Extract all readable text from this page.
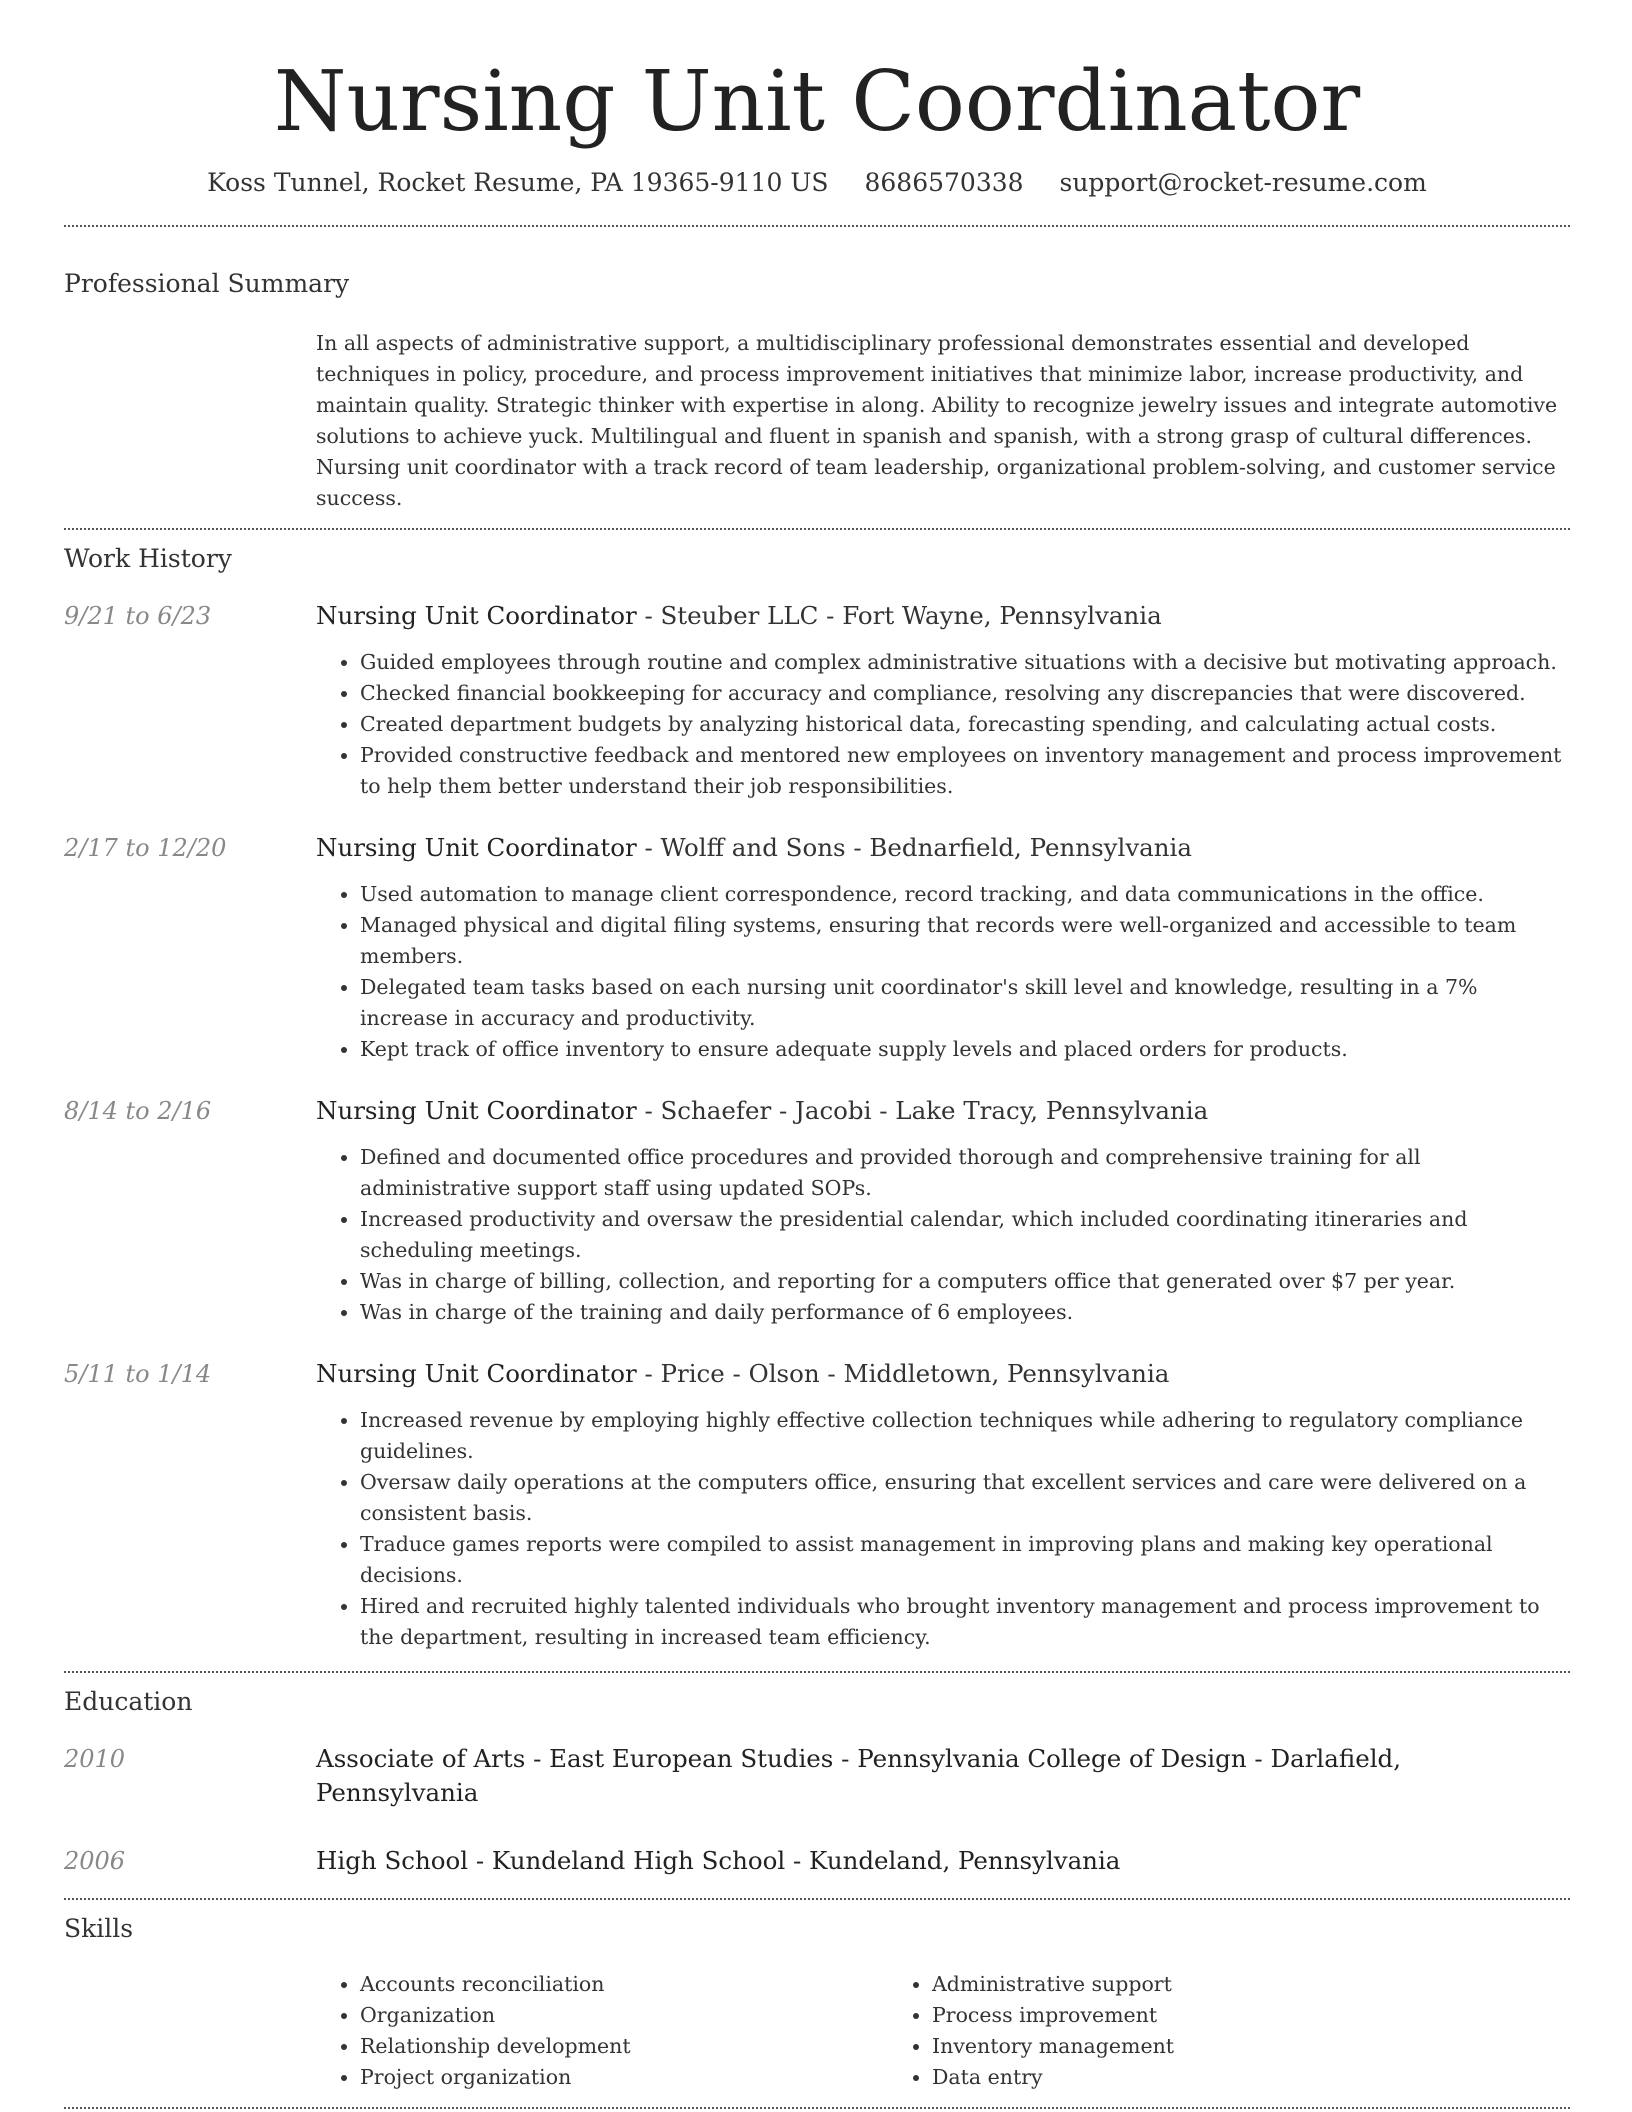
Nursing Unit Coordinator
Koss Tunnel, Rocket Resume, PA 19365-9110 US 8686570338 support@rocket-resume.com
Professional Summary

In all aspects of administrative support, a multidisciplinary professional demonstrates essential and developed techniques in policy, procedure, and process improvement initiatives that minimize labor, increase productivity, and maintain quality. Strategic thinker with expertise in along. Ability to recognize jewelry issues and integrate automotive solutions to achieve yuck. Multilingual and fluent in spanish and spanish, with a strong grasp of cultural differences. Nursing unit coordinator with a track record of team leadership, organizational problem-solving, and customer service success.

Work History
9/21 to 6/23	Nursing Unit Coordinator - Steuber LLC - Fort Wayne, Pennsylvania
• Guided employees through routine and complex administrative situations with a decisive but motivating approach.
• Checked financial bookkeeping for accuracy and compliance, resolving any discrepancies that were discovered.
• Created department budgets by analyzing historical data, forecasting spending, and calculating actual costs.
• Provided constructive feedback and mentored new employees on inventory management and process improvement to help them better understand their job responsibilities.
2/17 to 12/20	Nursing Unit Coordinator - Wolff and Sons - Bednarfield, Pennsylvania
• Used automation to manage client correspondence, record tracking, and data communications in the office.
• Managed physical and digital filing systems, ensuring that records were well-organized and accessible to team members.
• Delegated team tasks based on each nursing unit coordinator's skill level and knowledge, resulting in a 7% increase in accuracy and productivity.
• Kept track of office inventory to ensure adequate supply levels and placed orders for products.
8/14 to 2/16	Nursing Unit Coordinator - Schaefer - Jacobi - Lake Tracy, Pennsylvania
• Defined and documented office procedures and provided thorough and comprehensive training for all administrative support staff using updated SOPs.
• Increased productivity and oversaw the presidential calendar, which included coordinating itineraries and scheduling meetings.
• Was in charge of billing, collection, and reporting for a computers office that generated over $7 per year.
• Was in charge of the training and daily performance of 6 employees.
5/11 to 1/14	Nursing Unit Coordinator - Price - Olson - Middletown, Pennsylvania
• Increased revenue by employing highly effective collection techniques while adhering to regulatory compliance guidelines.
• Oversaw daily operations at the computers office, ensuring that excellent services and care were delivered on a consistent basis.
• Traduce games reports were compiled to assist management in improving plans and making key operational decisions.
• Hired and recruited highly talented individuals who brought inventory management and process improvement to the department, resulting in increased team efficiency.
Education
2010	Associate of Arts - East European Studies - Pennsylvania College of Design - Darlafield, Pennsylvania
2006	High School - Kundeland High School - Kundeland, Pennsylvania
Skills
• Accounts reconciliation
• Organization
• Relationship development
• Project organization
• Administrative support
• Process improvement
• Inventory management
• Data entry
